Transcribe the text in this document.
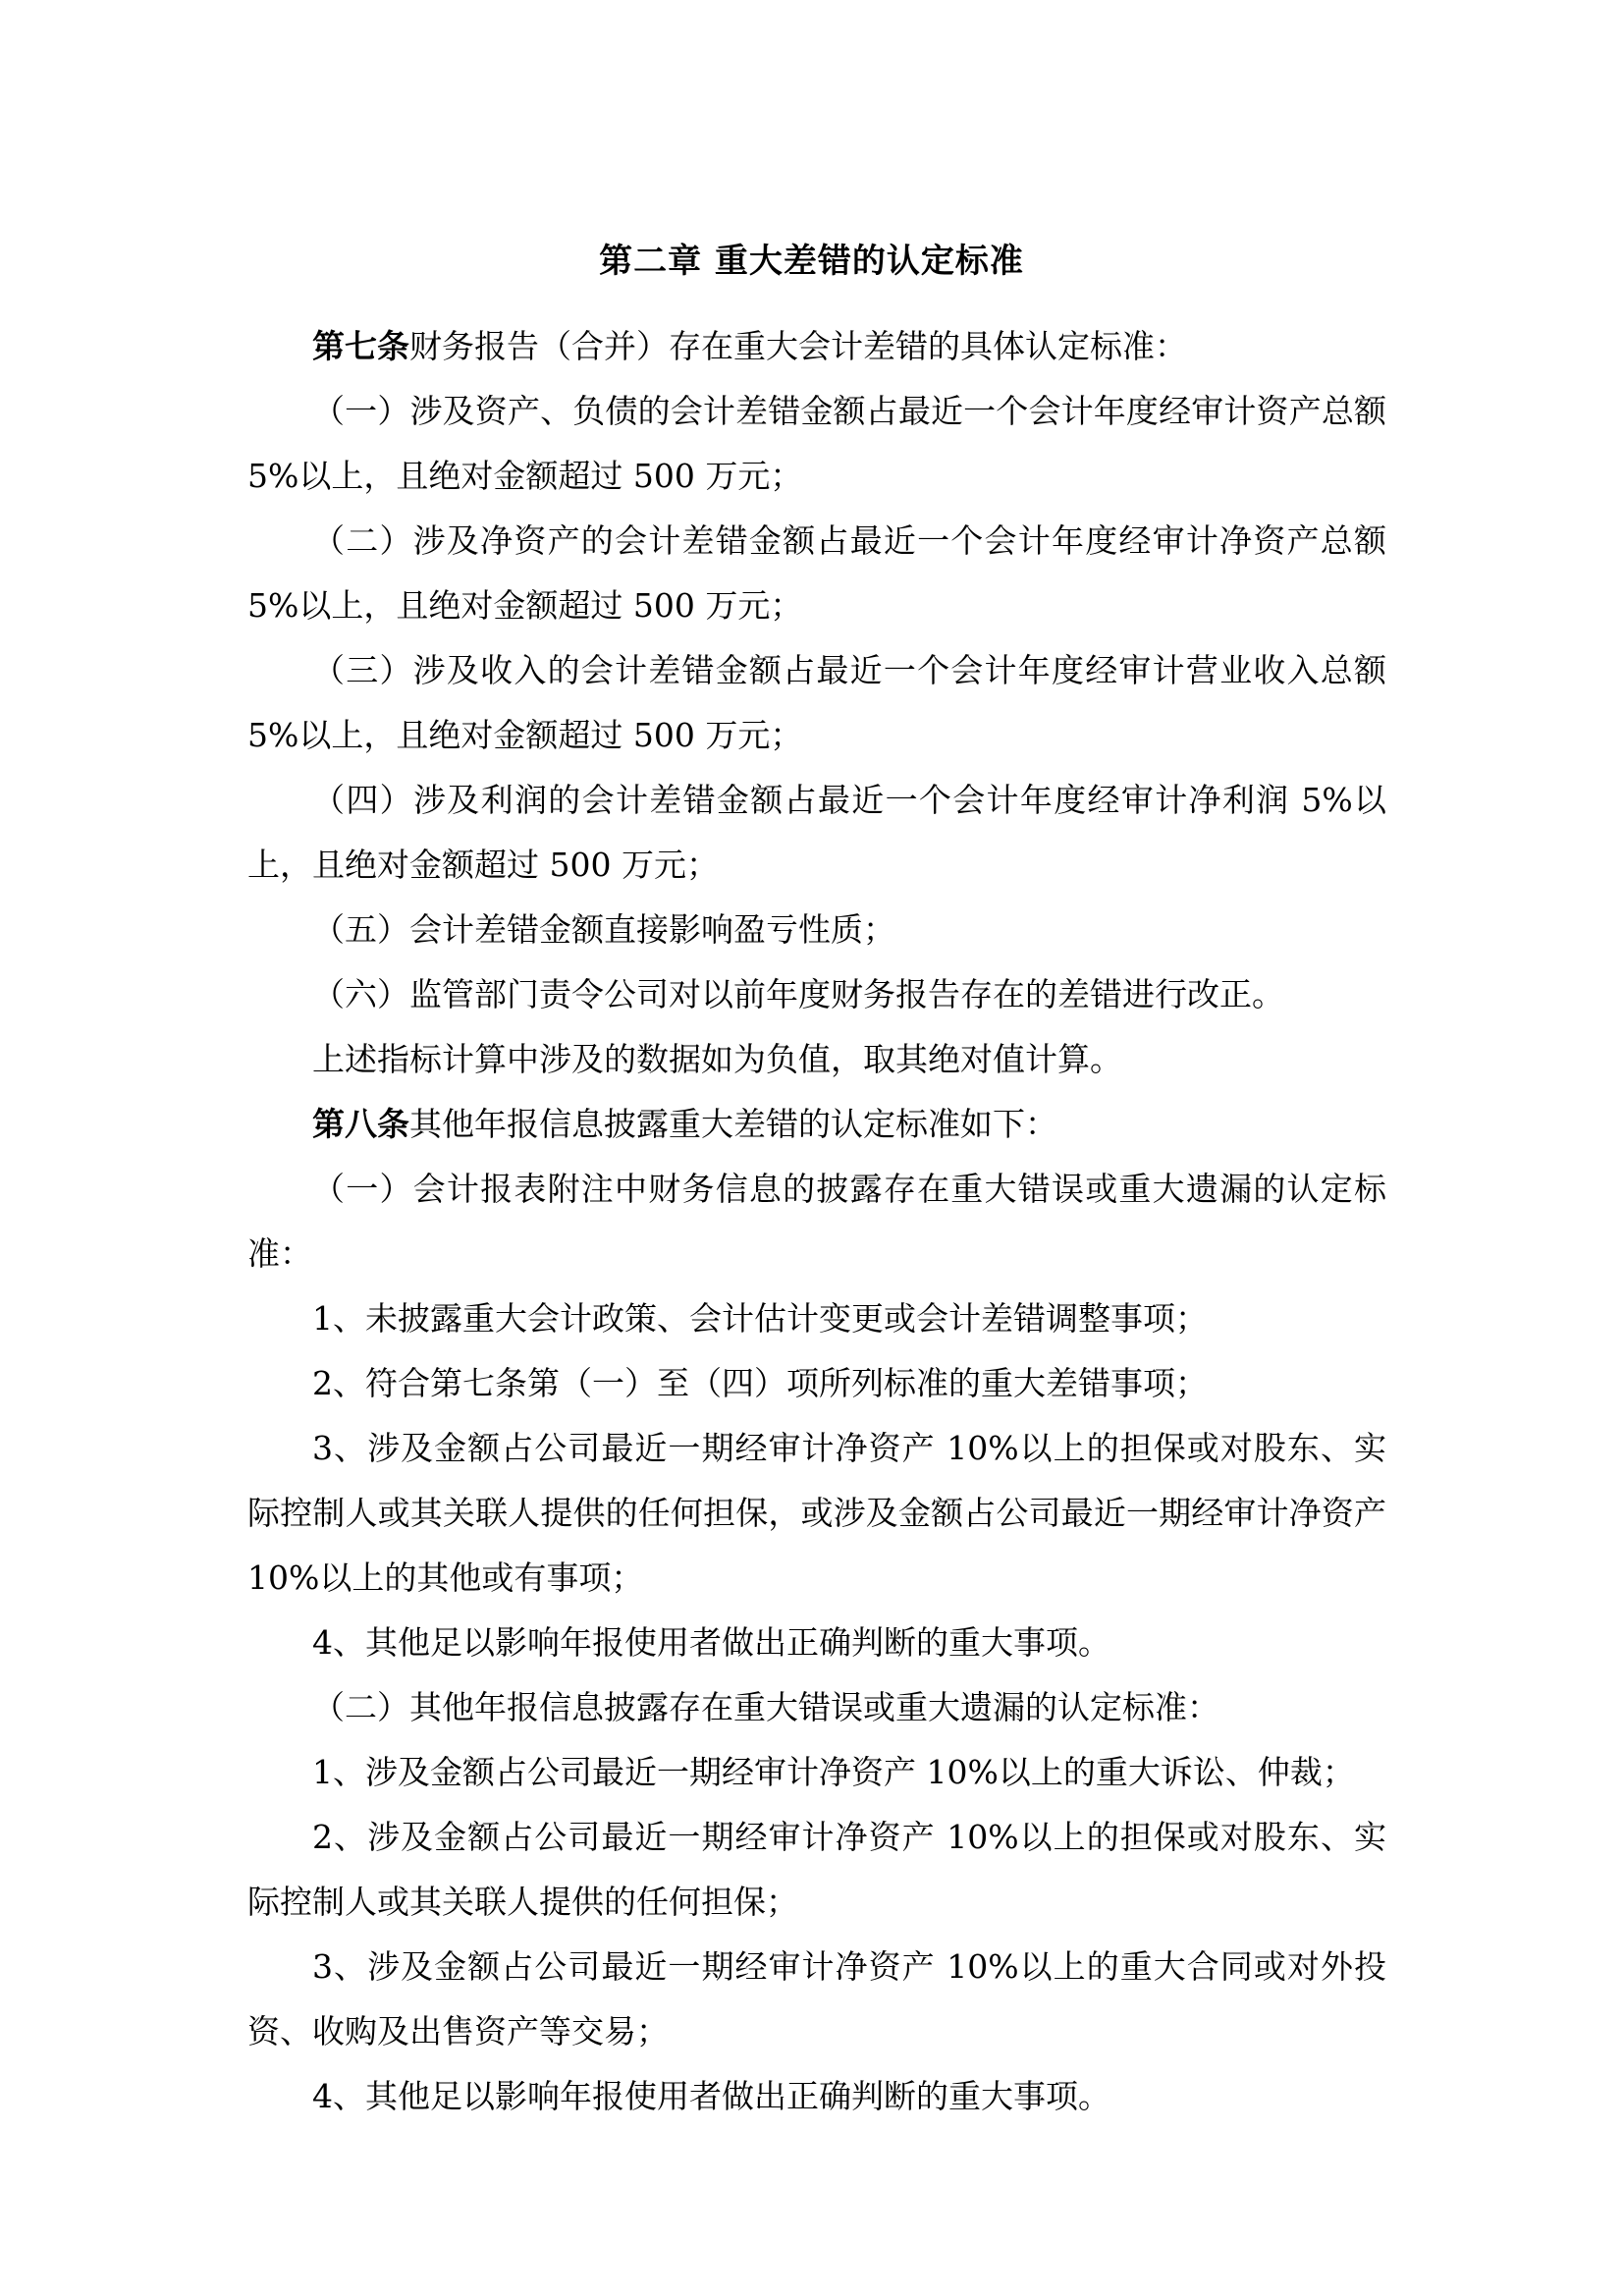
第二章 重大差错的认定标准

第七条财务报告（合并）存在重大会计差错的具体认定标准：

（一）涉及资产、负债的会计差错金额占最近一个会计年度经审计资产总额5%以上，且绝对金额超过 500 万元；

（二）涉及净资产的会计差错金额占最近一个会计年度经审计净资产总额5%以上，且绝对金额超过 500 万元；

（三）涉及收入的会计差错金额占最近一个会计年度经审计营业收入总额5%以上，且绝对金额超过 500 万元；

（四）涉及利润的会计差错金额占最近一个会计年度经审计净利润 5%以上，且绝对金额超过 500 万元；

（五）会计差错金额直接影响盈亏性质；

（六）监管部门责令公司对以前年度财务报告存在的差错进行改正。

上述指标计算中涉及的数据如为负值，取其绝对值计算。

第八条其他年报信息披露重大差错的认定标准如下：

（一）会计报表附注中财务信息的披露存在重大错误或重大遗漏的认定标准：

1、未披露重大会计政策、会计估计变更或会计差错调整事项；

2、符合第七条第（一）至（四）项所列标准的重大差错事项；

3、涉及金额占公司最近一期经审计净资产 10%以上的担保或对股东、实际控制人或其关联人提供的任何担保，或涉及金额占公司最近一期经审计净资产10%以上的其他或有事项；

4、其他足以影响年报使用者做出正确判断的重大事项。

（二）其他年报信息披露存在重大错误或重大遗漏的认定标准：

1、涉及金额占公司最近一期经审计净资产 10%以上的重大诉讼、仲裁；

2、涉及金额占公司最近一期经审计净资产 10%以上的担保或对股东、实际控制人或其关联人提供的任何担保；

3、涉及金额占公司最近一期经审计净资产 10%以上的重大合同或对外投资、收购及出售资产等交易；

4、其他足以影响年报使用者做出正确判断的重大事项。
